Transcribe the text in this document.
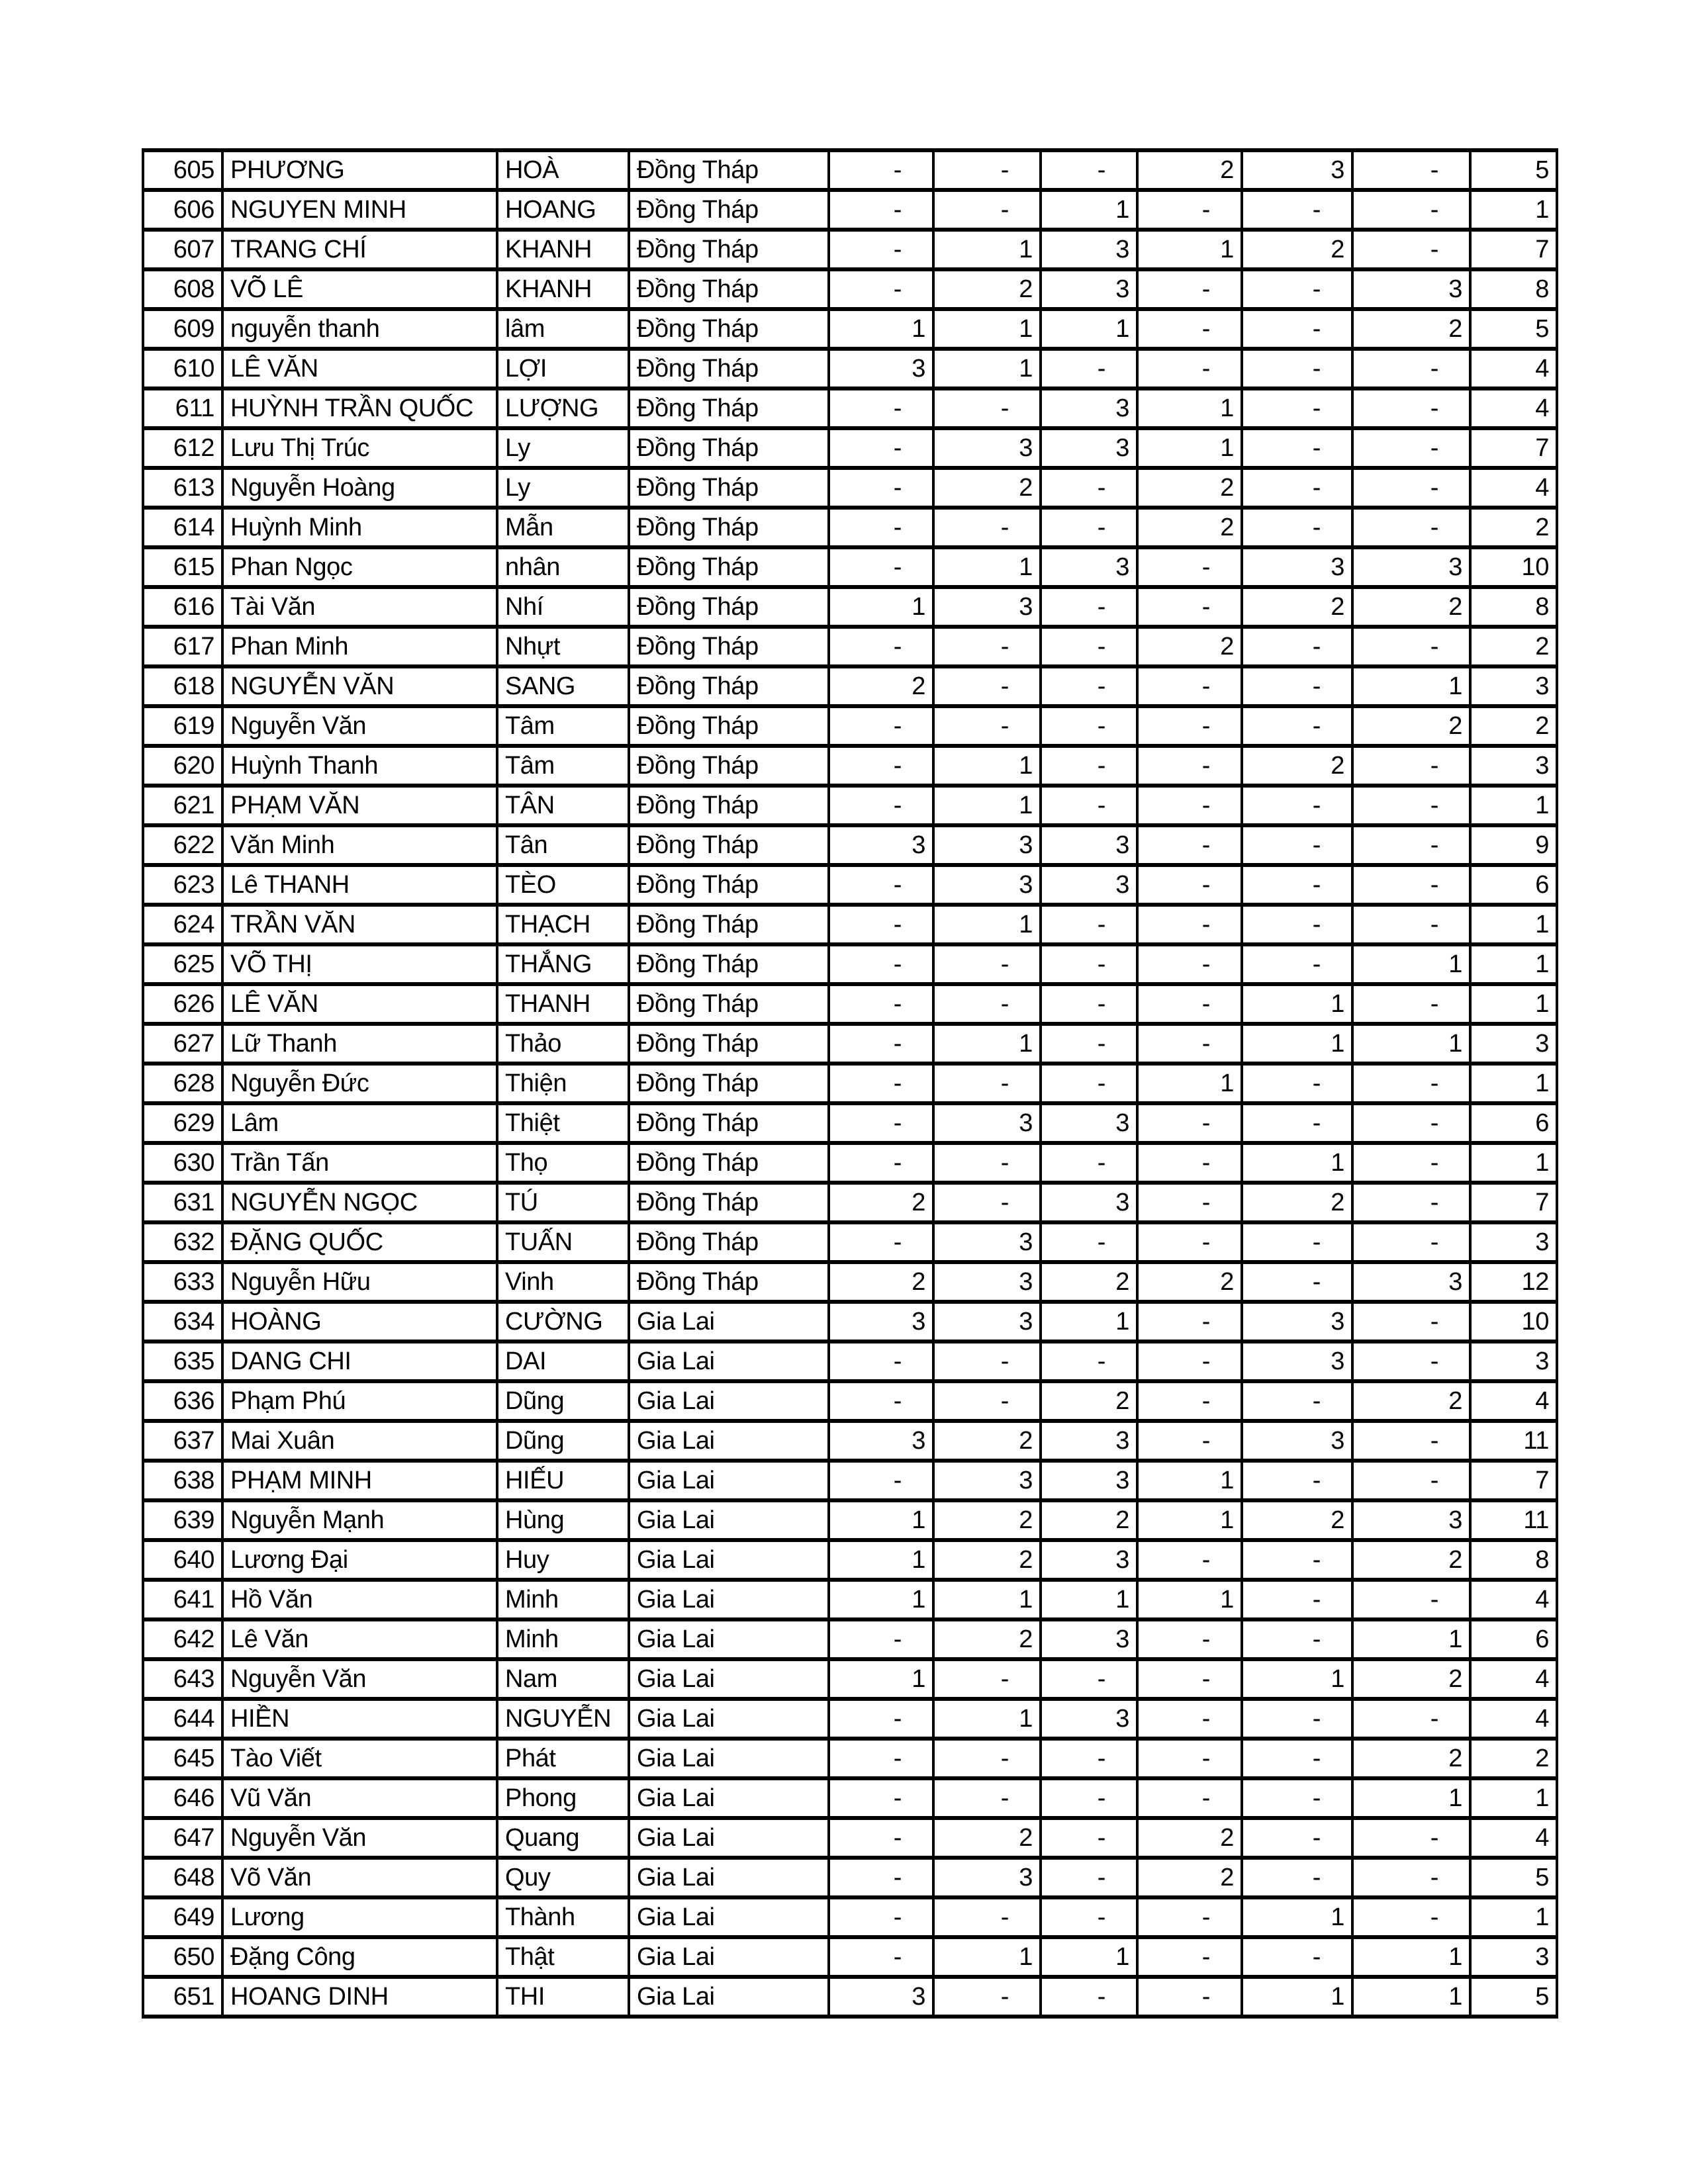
605	PHƯƠNG	HOÀ	Đồng Tháp	-	-	-	2	3	-	5
606	NGUYEN MINH	HOANG	Đồng Tháp	-	-	1	-	-	-	1
607	TRANG CHÍ	KHANH	Đồng Tháp	-	1	3	1	2	-	7
608	VÕ LÊ	KHANH	Đồng Tháp	-	2	3	-	-	3	8
609	nguyễn thanh	lâm	Đồng Tháp	1	1	1	-	-	2	5
610	LÊ VĂN	LỢI	Đồng Tháp	3	1	-	-	-	-	4
611	HUỲNH TRẦN QUỐC	LƯỢNG	Đồng Tháp	-	-	3	1	-	-	4
612	Lưu Thị Trúc	Ly	Đồng Tháp	-	3	3	1	-	-	7
613	Nguyễn Hoàng	Ly	Đồng Tháp	-	2	-	2	-	-	4
614	Huỳnh Minh	Mẫn	Đồng Tháp	-	-	-	2	-	-	2
615	Phan Ngọc	nhân	Đồng Tháp	-	1	3	-	3	3	10
616	Tài Văn	Nhí	Đồng Tháp	1	3	-	-	2	2	8
617	Phan Minh	Nhựt	Đồng Tháp	-	-	-	2	-	-	2
618	NGUYỄN VĂN	SANG	Đồng Tháp	2	-	-	-	-	1	3
619	Nguyễn Văn	Tâm	Đồng Tháp	-	-	-	-	-	2	2
620	Huỳnh Thanh	Tâm	Đồng Tháp	-	1	-	-	2	-	3
621	PHẠM VĂN	TÂN	Đồng Tháp	-	1	-	-	-	-	1
622	Văn Minh	Tân	Đồng Tháp	3	3	3	-	-	-	9
623	Lê THANH	TÈO	Đồng Tháp	-	3	3	-	-	-	6
624	TRẦN VĂN	THẠCH	Đồng Tháp	-	1	-	-	-	-	1
625	VÕ THỊ	THẮNG	Đồng Tháp	-	-	-	-	-	1	1
626	LÊ VĂN	THANH	Đồng Tháp	-	-	-	-	1	-	1
627	Lữ Thanh	Thảo	Đồng Tháp	-	1	-	-	1	1	3
628	Nguyễn Đức	Thiện	Đồng Tháp	-	-	-	1	-	-	1
629	Lâm	Thiệt	Đồng Tháp	-	3	3	-	-	-	6
630	Trần Tấn	Thọ	Đồng Tháp	-	-	-	-	1	-	1
631	NGUYỄN NGỌC	TÚ	Đồng Tháp	2	-	3	-	2	-	7
632	ĐẶNG QUỐC	TUẤN	Đồng Tháp	-	3	-	-	-	-	3
633	Nguyễn Hữu	Vinh	Đồng Tháp	2	3	2	2	-	3	12
634	HOÀNG	CƯỜNG	Gia Lai	3	3	1	-	3	-	10
635	DANG CHI	DAI	Gia Lai	-	-	-	-	3	-	3
636	Phạm Phú	Dũng	Gia Lai	-	-	2	-	-	2	4
637	Mai Xuân	Dũng	Gia Lai	3	2	3	-	3	-	11
638	PHẠM MINH	HIẾU	Gia Lai	-	3	3	1	-	-	7
639	Nguyễn Mạnh	Hùng	Gia Lai	1	2	2	1	2	3	11
640	Lương Đại	Huy	Gia Lai	1	2	3	-	-	2	8
641	Hồ Văn	Minh	Gia Lai	1	1	1	1	-	-	4
642	Lê Văn	Minh	Gia Lai	-	2	3	-	-	1	6
643	Nguyễn Văn	Nam	Gia Lai	1	-	-	-	1	2	4
644	HIỀN	NGUYỄN	Gia Lai	-	1	3	-	-	-	4
645	Tào Viết	Phát	Gia Lai	-	-	-	-	-	2	2
646	Vũ Văn	Phong	Gia Lai	-	-	-	-	-	1	1
647	Nguyễn Văn	Quang	Gia Lai	-	2	-	2	-	-	4
648	Võ Văn	Quy	Gia Lai	-	3	-	2	-	-	5
649	Lương	Thành	Gia Lai	-	-	-	-	1	-	1
650	Đặng Công	Thật	Gia Lai	-	1	1	-	-	1	3
651	HOANG DINH	THI	Gia Lai	3	-	-	-	1	1	5
